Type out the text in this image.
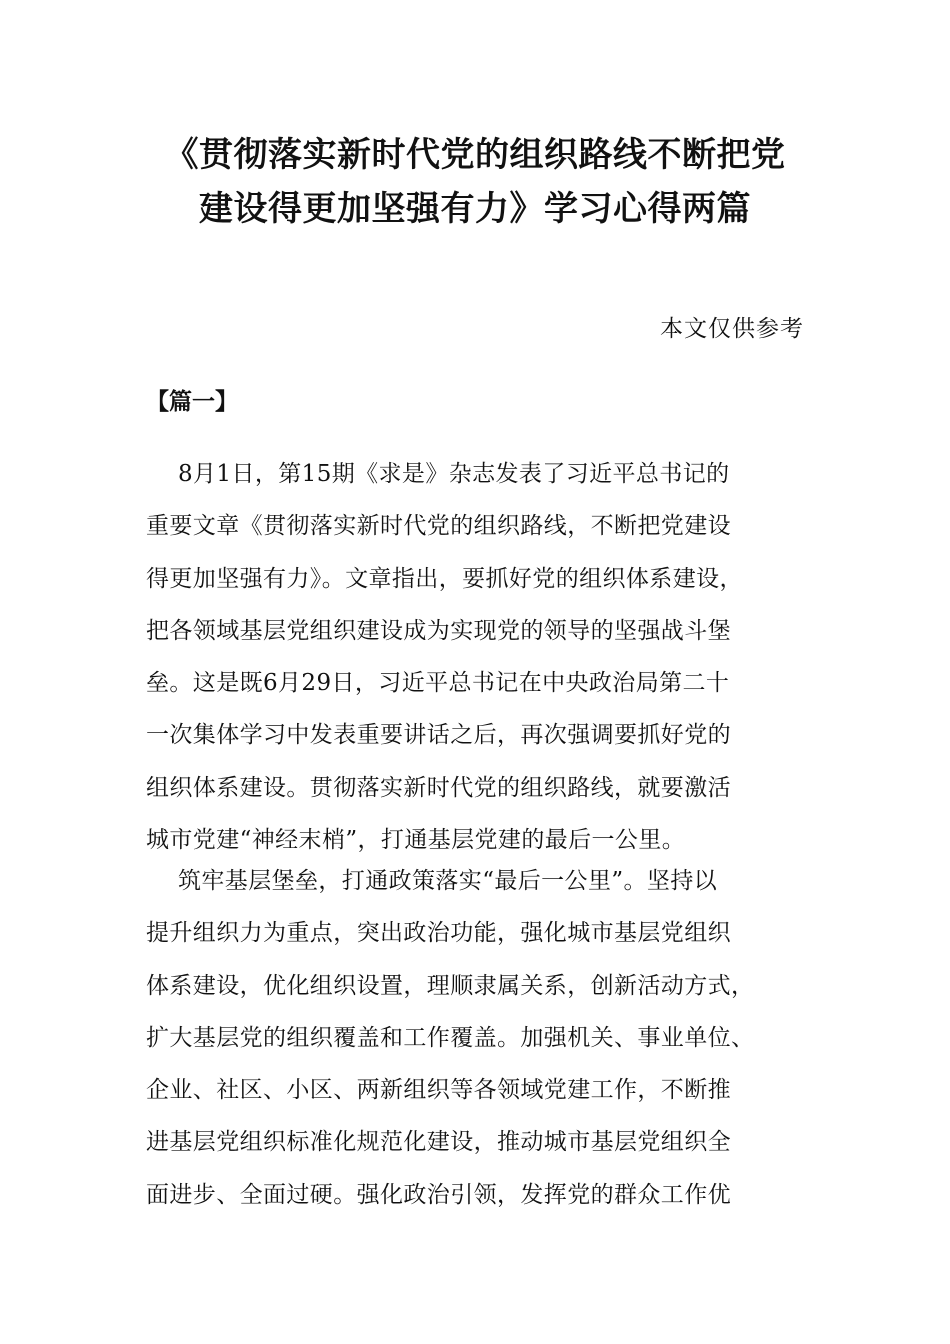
《贯彻落实新时代党的组织路线不断把党
建设得更加坚强有力》学习心得两篇
本文仅供参考
【篇一】
8月1日，第15期《求是》杂志发表了习近平总书记的
重要文章《贯彻落实新时代党的组织路线，不断把党建设
得更加坚强有力》。文章指出，要抓好党的组织体系建设，
把各领域基层党组织建设成为实现党的领导的坚强战斗堡
垒。这是既6月29日，习近平总书记在中央政治局第二十
一次集体学习中发表重要讲话之后，再次强调要抓好党的
组织体系建设。贯彻落实新时代党的组织路线，就要激活
城市党建“神经末梢”，打通基层党建的最后一公里。
筑牢基层堡垒，打通政策落实“最后一公里”。坚持以
提升组织力为重点，突出政治功能，强化城市基层党组织
体系建设，优化组织设置，理顺隶属关系，创新活动方式，
扩大基层党的组织覆盖和工作覆盖。加强机关、事业单位、
企业、社区、小区、两新组织等各领域党建工作，不断推
进基层党组织标准化规范化建设，推动城市基层党组织全
面进步、全面过硬。强化政治引领，发挥党的群众工作优
